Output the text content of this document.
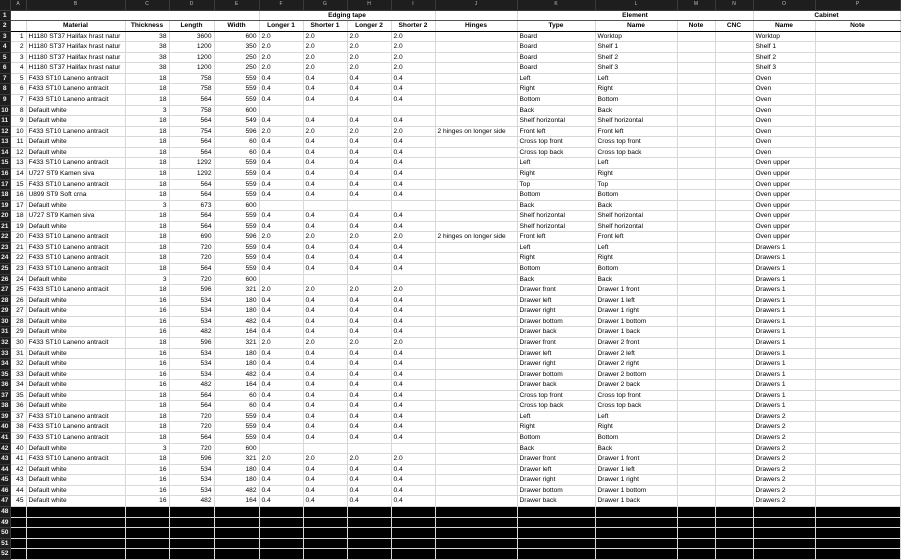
	A	B	C	D	E	F	G	H	I	J	K	L	M	N	O	P
1						Edging tape					Element				Cabinet	
2		Material	Thickness	Length	Width	Longer 1	Shorter 1	Longer 2	Shorter 2	Hinges	Type	Name	Note	CNC	Name	Note
3	1	H1180 ST37 Halifax hrast natur	38	3600	600	2.0	2.0	2.0	2.0		Board	Worktop			Worktop	
4	2	H1180 ST37 Halifax hrast natur	38	1200	350	2.0	2.0	2.0	2.0		Board	Shelf 1			Shelf 1	
5	3	H1180 ST37 Halifax hrast natur	38	1200	250	2.0	2.0	2.0	2.0		Board	Shelf 2			Shelf 2	
6	4	H1180 ST37 Halifax hrast natur	38	1200	250	2.0	2.0	2.0	2.0		Board	Shelf 3			Shelf 3	
7	5	F433 ST10 Laneno antracit	18	758	559	0.4	0.4	0.4	0.4		Left	Left			Oven	
8	6	F433 ST10 Laneno antracit	18	758	559	0.4	0.4	0.4	0.4		Right	Right			Oven	
9	7	F433 ST10 Laneno antracit	18	564	559	0.4	0.4	0.4	0.4		Bottom	Bottom			Oven	
10	8	Default white	3	758	600						Back	Back			Oven	
11	9	Default white	18	564	549	0.4	0.4	0.4	0.4		Shelf horizontal	Shelf horizontal			Oven	
12	10	F433 ST10 Laneno antracit	18	754	596	2.0	2.0	2.0	2.0	2 hinges on longer side	Front left	Front left			Oven	
13	11	Default white	18	564	60	0.4	0.4	0.4	0.4		Cross top front	Cross top front			Oven	
14	12	Default white	18	564	60	0.4	0.4	0.4	0.4		Cross top back	Cross top back			Oven	
15	13	F433 ST10 Laneno antracit	18	1292	559	0.4	0.4	0.4	0.4		Left	Left			Oven upper	
16	14	U727 ST9 Kamen siva	18	1292	559	0.4	0.4	0.4	0.4		Right	Right			Oven upper	
17	15	F433 ST10 Laneno antracit	18	564	559	0.4	0.4	0.4	0.4		Top	Top			Oven upper	
18	16	U899 ST9 Soft crna	18	564	559	0.4	0.4	0.4	0.4		Bottom	Bottom			Oven upper	
19	17	Default white	3	673	600						Back	Back			Oven upper	
20	18	U727 ST9 Kamen siva	18	564	559	0.4	0.4	0.4	0.4		Shelf horizontal	Shelf horizontal			Oven upper	
21	19	Default white	18	564	559	0.4	0.4	0.4	0.4		Shelf horizontal	Shelf horizontal			Oven upper	
22	20	F433 ST10 Laneno antracit	18	690	596	2.0	2.0	2.0	2.0	2 hinges on longer side	Front left	Front left			Oven upper	
23	21	F433 ST10 Laneno antracit	18	720	559	0.4	0.4	0.4	0.4		Left	Left			Drawers 1	
24	22	F433 ST10 Laneno antracit	18	720	559	0.4	0.4	0.4	0.4		Right	Right			Drawers 1	
25	23	F433 ST10 Laneno antracit	18	564	559	0.4	0.4	0.4	0.4		Bottom	Bottom			Drawers 1	
26	24	Default white	3	720	600						Back	Back			Drawers 1	
27	25	F433 ST10 Laneno antracit	18	596	321	2.0	2.0	2.0	2.0		Drawer front	Drawer 1 front			Drawers 1	
28	26	Default white	16	534	180	0.4	0.4	0.4	0.4		Drawer left	Drawer 1 left			Drawers 1	
29	27	Default white	16	534	180	0.4	0.4	0.4	0.4		Drawer right	Drawer 1 right			Drawers 1	
30	28	Default white	16	534	482	0.4	0.4	0.4	0.4		Drawer bottom	Drawer 1 bottom			Drawers 1	
31	29	Default white	16	482	164	0.4	0.4	0.4	0.4		Drawer back	Drawer 1 back			Drawers 1	
32	30	F433 ST10 Laneno antracit	18	596	321	2.0	2.0	2.0	2.0		Drawer front	Drawer 2 front			Drawers 1	
33	31	Default white	16	534	180	0.4	0.4	0.4	0.4		Drawer left	Drawer 2 left			Drawers 1	
34	32	Default white	16	534	180	0.4	0.4	0.4	0.4		Drawer right	Drawer 2 right			Drawers 1	
35	33	Default white	16	534	482	0.4	0.4	0.4	0.4		Drawer bottom	Drawer 2 bottom			Drawers 1	
36	34	Default white	16	482	164	0.4	0.4	0.4	0.4		Drawer back	Drawer 2 back			Drawers 1	
37	35	Default white	18	564	60	0.4	0.4	0.4	0.4		Cross top front	Cross top front			Drawers 1	
38	36	Default white	18	564	60	0.4	0.4	0.4	0.4		Cross top back	Cross top back			Drawers 1	
39	37	F433 ST10 Laneno antracit	18	720	559	0.4	0.4	0.4	0.4		Left	Left			Drawers 2	
40	38	F433 ST10 Laneno antracit	18	720	559	0.4	0.4	0.4	0.4		Right	Right			Drawers 2	
41	39	F433 ST10 Laneno antracit	18	564	559	0.4	0.4	0.4	0.4		Bottom	Bottom			Drawers 2	
42	40	Default white	3	720	600						Back	Back			Drawers 2	
43	41	F433 ST10 Laneno antracit	18	596	321	2.0	2.0	2.0	2.0		Drawer front	Drawer 1 front			Drawers 2	
44	42	Default white	16	534	180	0.4	0.4	0.4	0.4		Drawer left	Drawer 1 left			Drawers 2	
45	43	Default white	16	534	180	0.4	0.4	0.4	0.4		Drawer right	Drawer 1 right			Drawers 2	
46	44	Default white	16	534	482	0.4	0.4	0.4	0.4		Drawer bottom	Drawer 1 bottom			Drawers 2	
47	45	Default white	16	482	164	0.4	0.4	0.4	0.4		Drawer back	Drawer 1 back			Drawers 2	
48	46	F433 ST10 Laneno antracit	18	596	321	2.0	2.0	2.0	2.0		Drawer front	Drawer 2 front			Drawers 2	
49	47	Default white	16	534	180	0.4	0.4	0.4	0.4		Drawer left	Drawer 2 left			Drawers 2	
50	48	Default white	16	534	180	0.4	0.4	0.4	0.4		Drawer right	Drawer 2 right			Drawers 2	
51	49	Default white	16	534	482	0.4	0.4	0.4	0.4		Drawer bottom	Drawer 2 bottom			Drawers 2	
52	50	Default white	16	482	164	0.4	0.4	0.4	0.4		Drawer back	Drawer 2 back			Drawers 2	
